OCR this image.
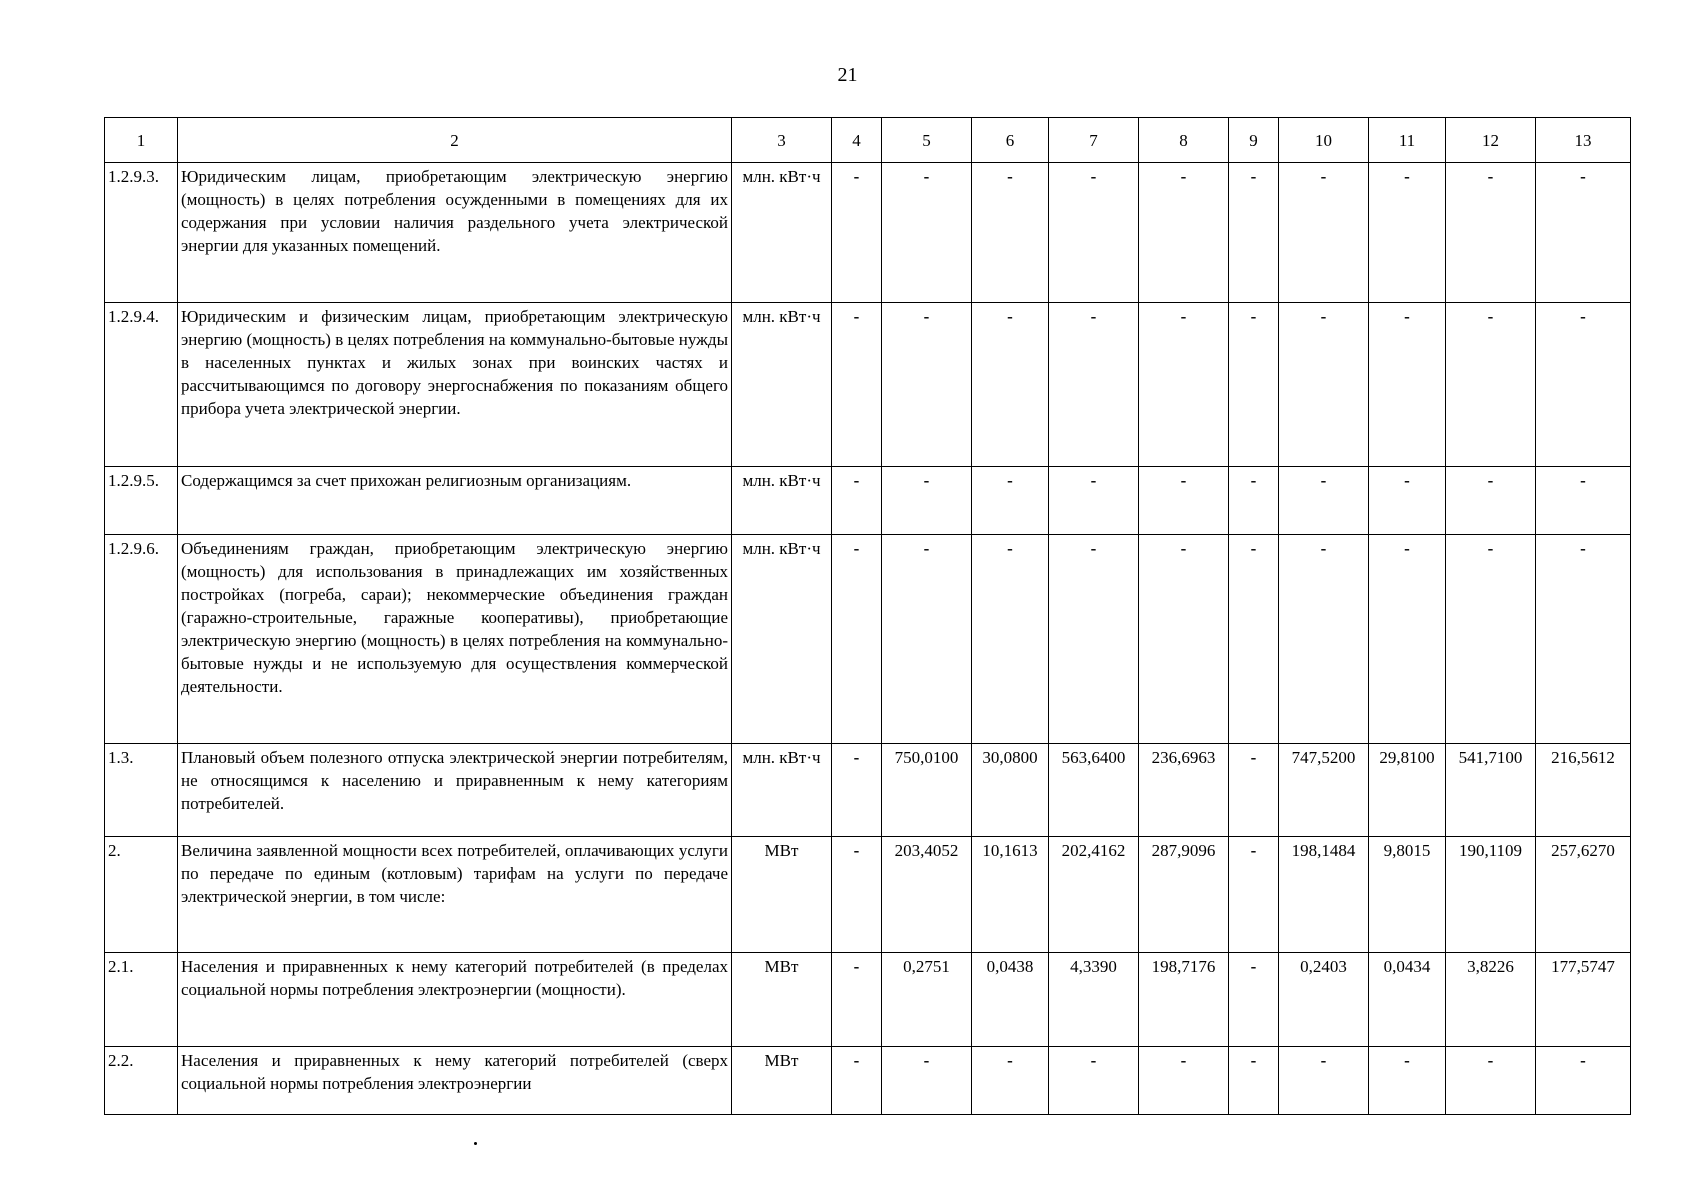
21
1	2	3	4	5	6	7	8	9	10	11	12	13
1.2.9.3.	Юридическим лицам, приобретающим электрическую энергию (мощность) в целях потребления осужденными в помещениях для их содержания при условии наличия раздельного учета электрической энергии для указанных помещений.	млн. кВт·ч	-	-	-	-	-	-	-	-	-	-
1.2.9.4.	Юридическим и физическим лицам, приобретающим электрическую энергию (мощность) в целях потребления на коммунально-бытовые нужды в населенных пунктах и жилых зонах при воинских частях и рассчитывающимся по договору энергоснабжения по показаниям общего прибора учета электрической энергии.	млн. кВт·ч	-	-	-	-	-	-	-	-	-	-
1.2.9.5.	Содержащимся за счет прихожан религиозным организациям.	млн. кВт·ч	-	-	-	-	-	-	-	-	-	-
1.2.9.6.	Объединениям граждан, приобретающим электрическую энергию (мощность) для использования в принадлежащих им хозяйственных постройках (погреба, сараи); некоммерческие объединения граждан (гаражно-строительные, гаражные кооперативы), приобретающие электрическую энергию (мощность) в целях потребления на коммунально-бытовые нужды и не используемую для осуществления коммерческой деятельности.	млн. кВт·ч	-	-	-	-	-	-	-	-	-	-
1.3.	Плановый объем полезного отпуска электрической энергии потребителям, не относящимся к населению и приравненным к нему категориям потребителей.	млн. кВт·ч	-	750,0100	30,0800	563,6400	236,6963	-	747,5200	29,8100	541,7100	216,5612
2.	Величина заявленной мощности всех потребителей, оплачивающих услуги по передаче по единым (котловым) тарифам на услуги по передаче электрической энергии, в том числе:	МВт	-	203,4052	10,1613	202,4162	287,9096	-	198,1484	9,8015	190,1109	257,6270
2.1.	Населения и приравненных к нему категорий потребителей (в пределах социальной нормы потребления электроэнергии (мощности).	МВт	-	0,2751	0,0438	4,3390	198,7176	-	0,2403	0,0434	3,8226	177,5747
2.2.	Населения и приравненных к нему категорий потребителей (сверх социальной нормы потребления электроэнергии	МВт	-	-	-	-	-	-	-	-	-	-
